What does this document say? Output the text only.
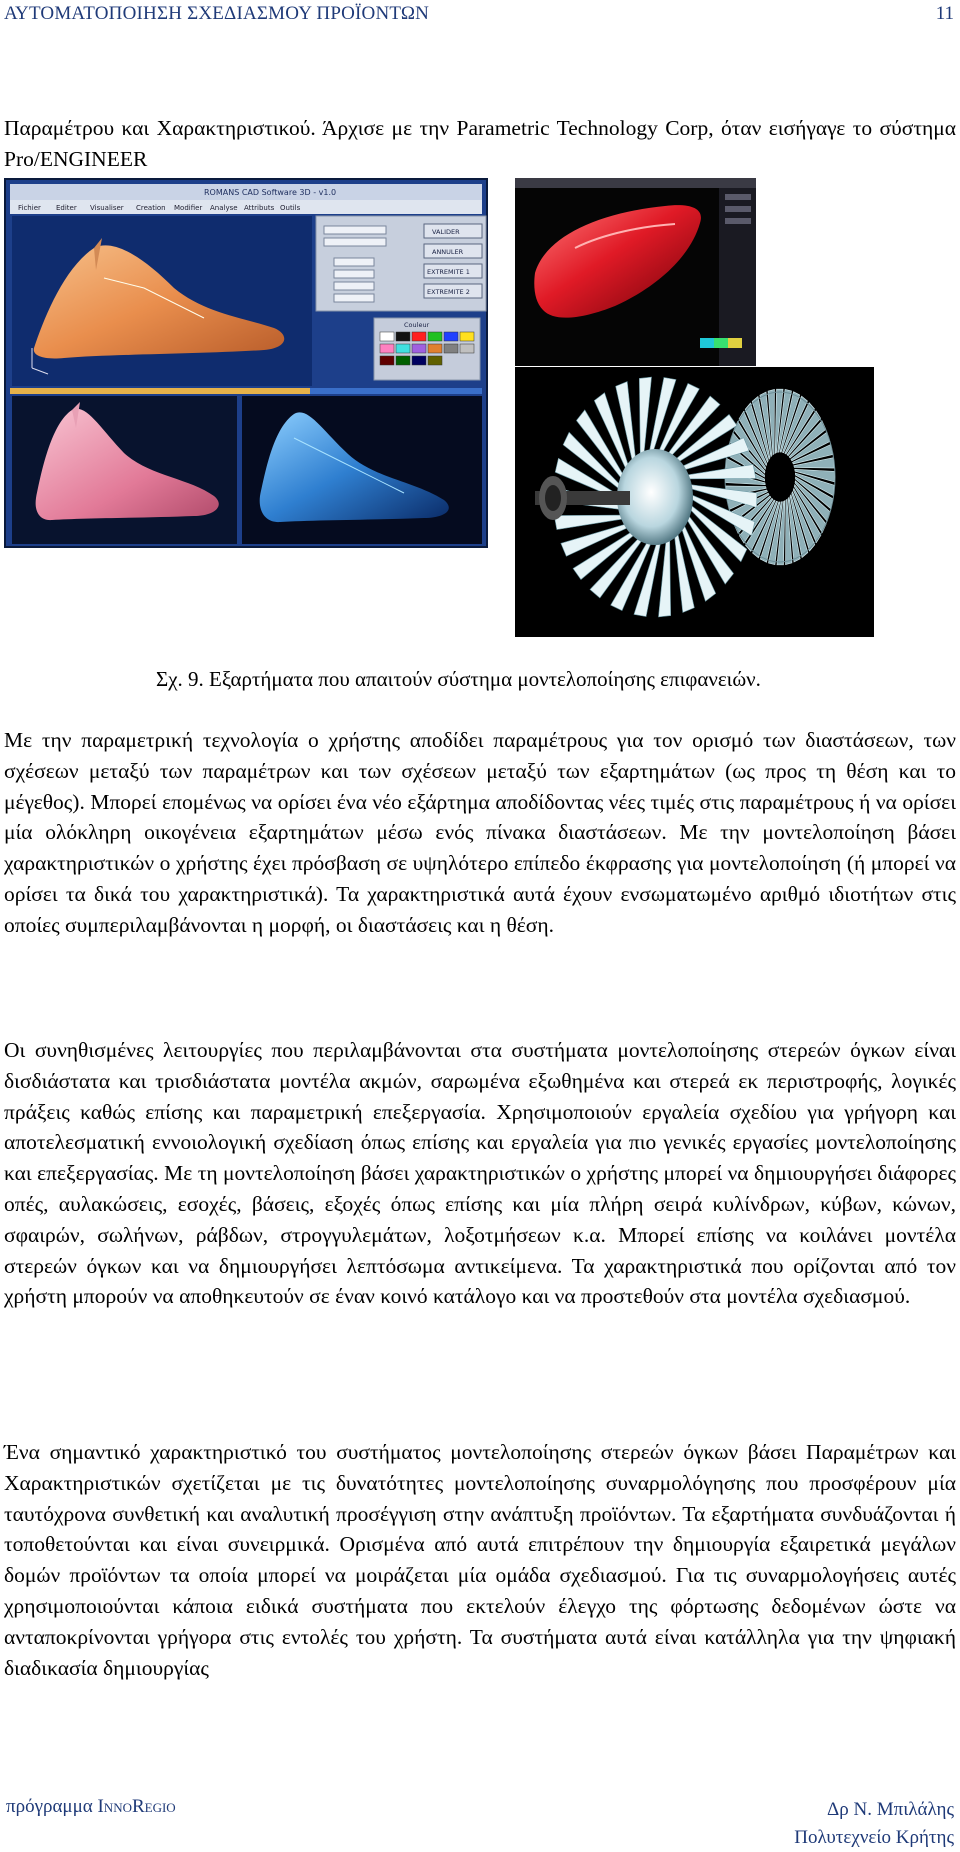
ΑΥΤΟΜΑΤΟΠΟΙΗΣΗ ΣΧΕΔΙΑΣΜΟΥ ΠΡΟΪΟΝΤΩΝ	11

Παραμέτρου και Χαρακτηριστικού. Άρχισε με την Parametric Technology Corp, όταν εισήγαγε το σύστημα Pro/ENGINEER

ROMANS CAD Software 3D - v1.0
Fichier Editer Visualiser Creation Modifier Analyse Attributs Outils
VALIDER
ANNULER
EXTREMITE 1
EXTREMITE 2
Couleur
Σχ. 9. Εξαρτήματα που απαιτούν σύστημα μοντελοποίησης επιφανειών.

Με την παραμετρική τεχνολογία ο χρήστης αποδίδει παραμέτρους για τον ορισμό των διαστάσεων, των σχέσεων μεταξύ των παραμέτρων και των σχέσεων μεταξύ των εξαρτημάτων (ως προς τη θέση και το μέγεθος). Μπορεί επομένως να ορίσει ένα νέο εξάρτημα αποδίδοντας νέες τιμές στις παραμέτρους ή να ορίσει μία ολόκληρη οικογένεια εξαρτημάτων μέσω ενός πίνακα διαστάσεων. Με την μοντελοποίηση βάσει χαρακτηριστικών ο χρήστης έχει πρόσβαση σε υψηλότερο επίπεδο έκφρασης για μοντελοποίηση (ή μπορεί να ορίσει τα δικά του χαρακτηριστικά). Τα χαρακτηριστικά αυτά έχουν ενσωματωμένο αριθμό ιδιοτήτων στις οποίες συμπεριλαμβάνονται η μορφή, οι διαστάσεις και η θέση.

Οι συνηθισμένες λειτουργίες που περιλαμβάνονται στα συστήματα μοντελοποίησης στερεών όγκων είναι δισδιάστατα και τρισδιάστατα μοντέλα ακμών, σαρωμένα εξωθημένα και στερεά εκ περιστροφής, λογικές πράξεις καθώς επίσης και παραμετρική επεξεργασία. Χρησιμοποιούν εργαλεία σχεδίου για γρήγορη και αποτελεσματική εννοιολογική σχεδίαση όπως επίσης και εργαλεία για πιο γενικές εργασίες μοντελοποίησης και επεξεργασίας. Με τη μοντελοποίηση βάσει χαρακτηριστικών ο χρήστης μπορεί να δημιουργήσει διάφορες οπές, αυλακώσεις, εσοχές, βάσεις, εξοχές όπως επίσης και μία πλήρη σειρά κυλίνδρων, κύβων, κώνων, σφαιρών, σωλήνων, ράβδων, στρογγυλεμάτων, λοξοτμήσεων κ.α. Μπορεί επίσης να κοιλάνει μοντέλα στερεών όγκων και να δημιουργήσει λεπτόσωμα αντικείμενα. Τα χαρακτηριστικά που ορίζονται από τον χρήστη μπορούν να αποθηκευτούν σε έναν κοινό κατάλογο και να προστεθούν στα μοντέλα σχεδιασμού.

Ένα σημαντικό χαρακτηριστικό του συστήματος μοντελοποίησης στερεών όγκων βάσει Παραμέτρων και Χαρακτηριστικών σχετίζεται με τις δυνατότητες μοντελοποίησης συναρμολόγησης που προσφέρουν μία ταυτόχρονα συνθετική και αναλυτική προσέγγιση στην ανάπτυξη προϊόντων. Τα εξαρτήματα συνδυάζονται ή τοποθετούνται και είναι συνειρμικά. Ορισμένα από αυτά επιτρέπουν την δημιουργία εξαιρετικά μεγάλων δομών προϊόντων τα οποία μπορεί να μοιράζεται μία ομάδα σχεδιασμού. Για τις συναρμολογήσεις αυτές χρησιμοποιούνται κάποια ειδικά συστήματα που εκτελούν έλεγχο της φόρτωσης δεδομένων ώστε να ανταποκρίνονται γρήγορα στις εντολές του χρήστη. Τα συστήματα αυτά είναι κατάλληλα για την ψηφιακή διαδικασία δημιουργίας

πρόγραμμα InnoRegio	Δρ Ν. Μπιλάλης
Πολυτεχνείο Κρήτης
